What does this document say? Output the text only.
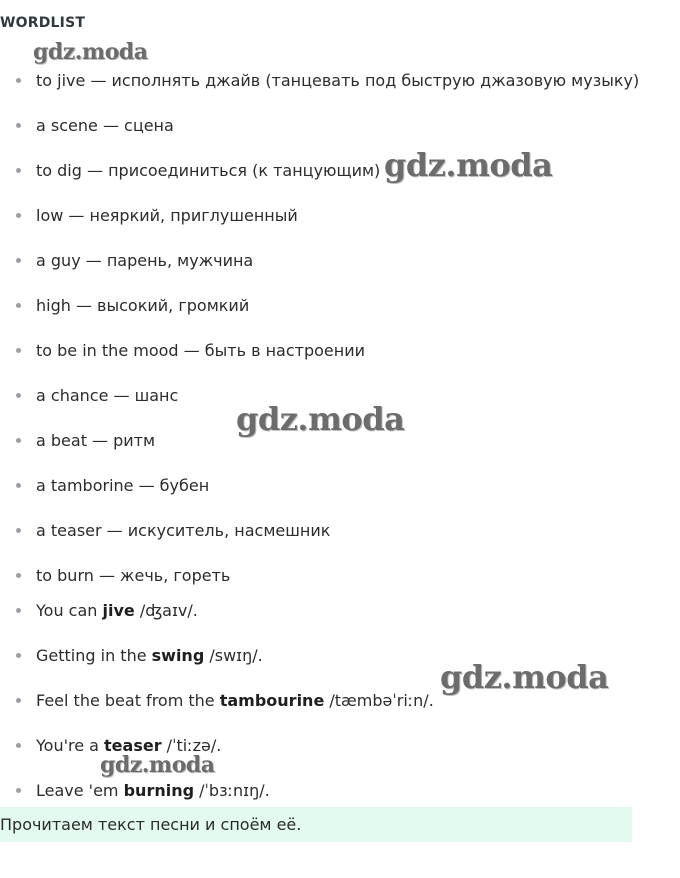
WORDLIST
to jive — исполнять джайв (танцевать под быструю джазовую музыку)
a scene — сцена
to dig — присоединиться (к танцующим)
low — неяркий, приглушенный
a guy — парень, мужчина
high — высокий, громкий
to be in the mood — быть в настроении
a chance — шанс
a beat — ритм
a tamborine — бубен
a teaser — искуситель, насмешник
to burn — жечь, гореть
You can jive /ʤaɪv/.
Getting in the swing /swɪŋ/.
Feel the beat from the tambourine /tæmbəˈriːn/.
You're a teaser /ˈtiːzə/.
Leave 'em burning /ˈbɜːnɪŋ/.
Прочитаем текст песни и споём её.
gdz.moda
gdz.moda
gdz.moda
gdz.moda
gdz.moda
